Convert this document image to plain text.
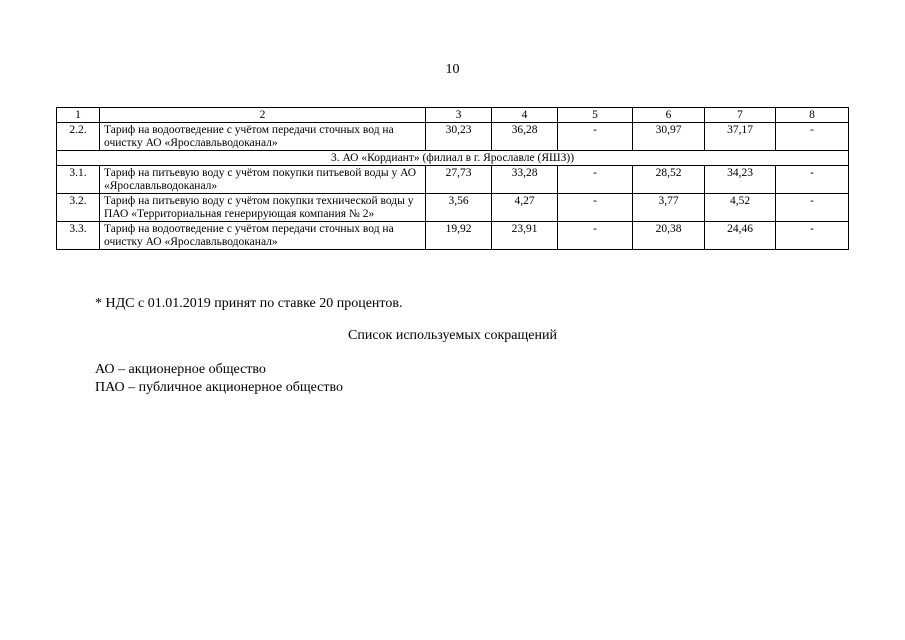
10
1	2	3	4	5	6	7	8
2.2.	Тариф на водоотведение с учётом передачи сточных вод на очистку АО «Ярославльводоканал»	30,23	36,28	-	30,97	37,17	-
3. АО «Кордиант» (филиал в г. Ярославле (ЯШЗ))							
3.1.	Тариф на питьевую воду с учётом покупки питьевой воды у АО «Ярославльводоканал»	27,73	33,28	-	28,52	34,23	-
3.2.	Тариф на питьевую воду с учётом покупки технической воды у ПАО «Территориальная генерирующая компания № 2»	3,56	4,27	-	3,77	4,52	-
3.3.	Тариф на водоотведение с учётом передачи сточных вод на очистку АО «Ярославльводоканал»	19,92	23,91	-	20,38	24,46	-
* НДС с 01.01.2019 принят по ставке 20 процентов.
Список используемых сокращений
АО – акционерное общество
ПАО – публичное акционерное общество
